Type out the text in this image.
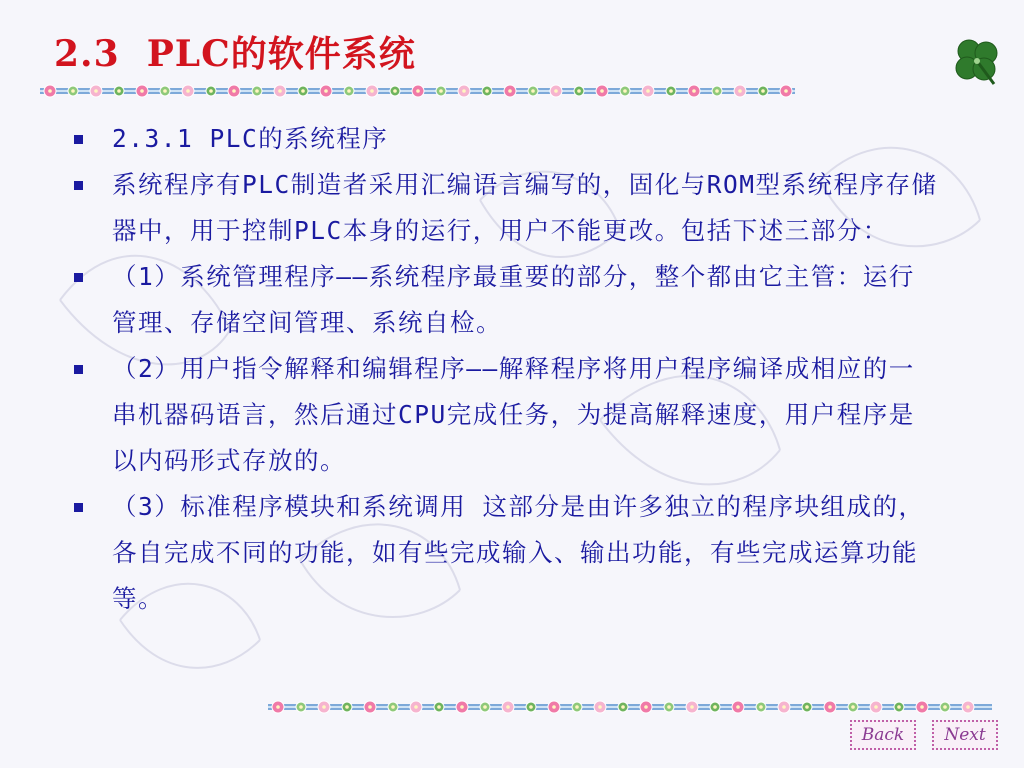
2.3  PLC的软件系统
2.3.1 PLC的系统程序
系统程序有PLC制造者采用汇编语言编写的，固化与ROM型系统程序存储器中，用于控制PLC本身的运行，用户不能更改。包括下述三部分：
（1）系统管理程序——系统程序最重要的部分，整个都由它主管：运行管理、存储空间管理、系统自检。
（2）用户指令解释和编辑程序——解释程序将用户程序编译成相应的一串机器码语言，然后通过CPU完成任务，为提高解释速度，用户程序是以内码形式存放的。
（3）标准程序模块和系统调用 这部分是由许多独立的程序块组成的，各自完成不同的功能，如有些完成输入、输出功能，有些完成运算功能等。
Back	Next
